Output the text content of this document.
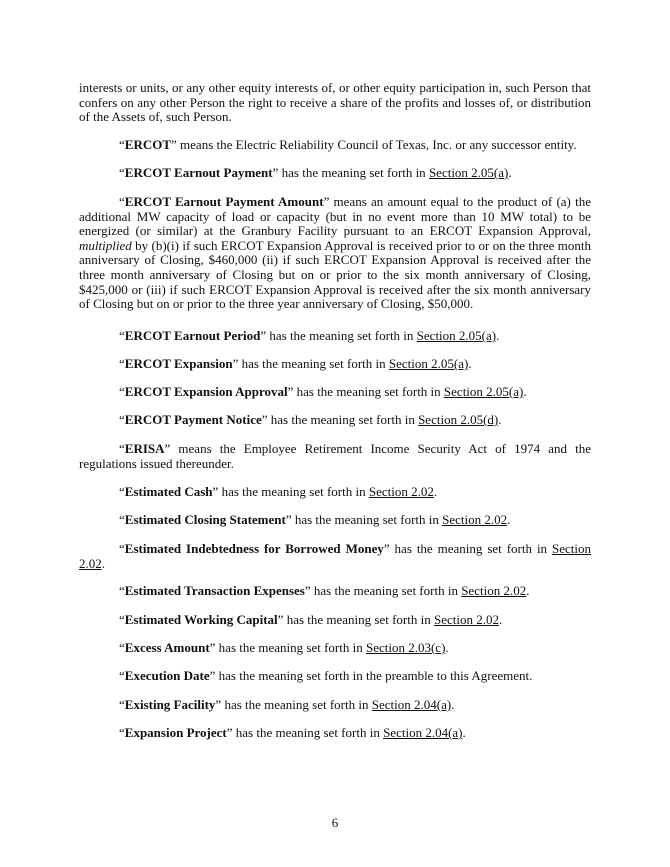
interests or units, or any other equity interests of, or other equity participation in, such Person that confers on any other Person the right to receive a share of the profits and losses of, or distribution of the Assets of, such Person.

“ERCOT” means the Electric Reliability Council of Texas, Inc. or any successor entity.

“ERCOT Earnout Payment” has the meaning set forth in Section 2.05(a).

“ERCOT Earnout Payment Amount” means an amount equal to the product of (a) the additional MW capacity of load or capacity (but in no event more than 10 MW total) to be energized (or similar) at the Granbury Facility pursuant to an ERCOT Expansion Approval, multiplied by (b)(i) if such ERCOT Expansion Approval is received prior to or on the three month anniversary of Closing, $460,000 (ii) if such ERCOT Expansion Approval is received after the three month anniversary of Closing but on or prior to the six month anniversary of Closing, $425,000 or (iii) if such ERCOT Expansion Approval is received after the six month anniversary of Closing but on or prior to the three year anniversary of Closing, $50,000.

“ERCOT Earnout Period” has the meaning set forth in Section 2.05(a).

“ERCOT Expansion” has the meaning set forth in Section 2.05(a).

“ERCOT Expansion Approval” has the meaning set forth in Section 2.05(a).

“ERCOT Payment Notice” has the meaning set forth in Section 2.05(d).

“ERISA” means the Employee Retirement Income Security Act of 1974 and the regulations issued thereunder.

“Estimated Cash” has the meaning set forth in Section 2.02.

“Estimated Closing Statement” has the meaning set forth in Section 2.02.

“Estimated Indebtedness for Borrowed Money” has the meaning set forth in Section 2.02.

“Estimated Transaction Expenses” has the meaning set forth in Section 2.02.

“Estimated Working Capital” has the meaning set forth in Section 2.02.

“Excess Amount” has the meaning set forth in Section 2.03(c).

“Execution Date” has the meaning set forth in the preamble to this Agreement.

“Existing Facility” has the meaning set forth in Section 2.04(a).

“Expansion Project” has the meaning set forth in Section 2.04(a).

6
